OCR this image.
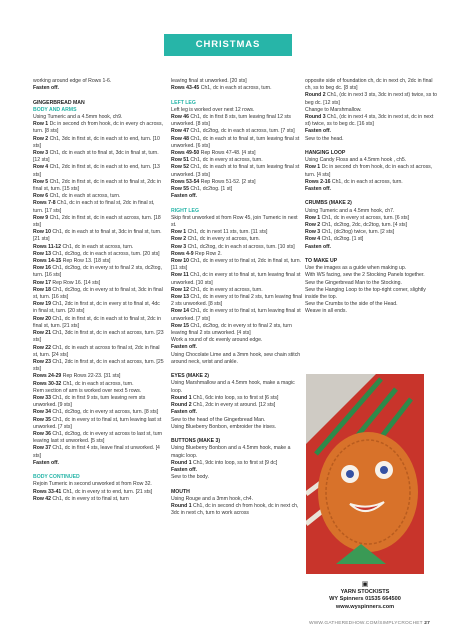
CHRISTMAS COLLECTION

working around edge of Rows 1-6.

Fasten off.

GINGERBREAD MAN

BODY AND ARMS

Using Tumeric and a 4.5mm hook, ch9.

Row 1 Dc in second ch from hook, dc in every ch across, turn. [8 sts]

Row 2 Ch1, 3dc in first st, dc in each st to end, turn. [10 sts]

Row 3 Ch1, dc in each st to final st, 3dc in final st, turn. [12 sts]

Row 4 Ch1, 2dc in first st, dc in each st to end, turn. [13 sts]

Row 5 Ch1, 2dc in first st, dc in each st to final st, 2dc in final st, turn. [15 sts]

Row 6 Ch1, dc in each st across, turn.

Rows 7-8 Ch1, dc in each st to final st, 2dc in final st, turn. [17 sts]

Row 9 Ch1, 2dc in first st, dc in each st across, turn. [18 sts]

Row 10 Ch1, dc in each st to final st, 3dc in final st, turn. [21 sts]

Rows 11-12 Ch1, dc in each st across, turn.

Row 13 Ch1, dc2tog, dc in each st across, turn. [20 sts]

Rows 14-15 Rep Row 13. [18 sts]

Row 16 Ch1, dc2tog, dc in every st to final 2 sts, dc2tog, turn. [16 sts]

Row 17 Rep Row 16. [14 sts]

Row 18 Ch1, dc2tog, dc in every st to final st, 3dc in final st, turn. [16 sts]

Row 19 Ch1, 2dc in first st, dc in every st to final st, 4dc in final st, turn. [20 sts]

Row 20 Ch1, dc in first st, dc in each st to final st, 2dc in final st, turn. [21 sts]

Row 21 Ch1, 3dc in first st, dc in each st across, turn. [23 sts]

Row 22 Ch1, dc in each st across to final st, 2dc in final st, turn. [24 sts]

Row 23 Ch1, 2dc in first st, dc in each st across, turn. [25 sts]

Rows 24-29 Rep Rows 22-23. [31 sts]

Rows 30-32 Ch1, dc in each st across, turn.

Rem section of arm is worked over next 5 rows.

Row 33 Ch1, dc in first 9 sts, turn leaving rem sts unworked. [9 sts]

Row 34 Ch1, dc2tog, dc in every st across, turn. [8 sts]

Row 35 Ch1, dc in every st to final st, turn leaving last st unworked. [7 sts]

Row 36 Ch1, dc2tog, dc in every st across to last st, turn leaving last st unworked. [5 sts]

Row 37 Ch1, dc in first 4 sts, leave final st unworked. [4 sts]

Fasten off.

BODY CONTINUED

Rejoin Tumeric in second unworked st from Row 32.

Rows 33-41 Ch1, dc in every st to end, turn. [21 sts]

Row 42 Ch1, dc in every st to final st, turn

leaving final st unworked. [20 sts]

Rows 43-45 Ch1, dc in each st across, turn.

LEFT LEG

Left leg is worked over next 12 rows.

Row 46 Ch1, dc in first 8 sts, turn leaving final 12 sts unworked. [8 sts]

Row 47 Ch1, dc2tog, dc in each st across, turn. [7 sts]

Row 48 Ch1, dc in each st to final st, turn leaving final st unworked. [6 sts]

Rows 49-50 Rep Rows 47-48. [4 sts]

Row 51 Ch1, dc in every st across, turn.

Row 52 Ch1, dc in each st to final st, turn leaving final st unworked. [3 sts]

Rows 53-54 Rep Rows 51-52. [2 sts]

Row 55 Ch1, dc2tog. [1 st]

Fasten off.

RIGHT LEG

Skip first unworked st from Row 45, join Tumeric in next st.

Row 1 Ch1, dc in next 11 sts, turn. [11 sts]

Row 2 Ch1, dc in every st across, turn.

Row 3 Ch1, dc2tog, dc in each st across, turn. [10 sts]

Rows 4-9 Rep Row 2.

Row 10 Ch1, dc in every st to final st, 2dc in final st, turn. [11 sts]

Row 11 Ch1, dc in every st to final st, turn leaving final st unworked. [10 sts]

Row 12 Ch1, dc in every st across, turn.

Row 13 Ch1, dc in every st to final 2 sts, turn leaving final 2 sts unworked. [8 sts]

Row 14 Ch1, dc in every st to final st, turn leaving final st unworked. [7 sts]

Row 15 Ch1, dc2tog, dc in every st to final 2 sts, turn leaving final 2 sts unworked. [4 sts]

Work a round of dc evenly around edge.

Fasten off.

Using Chocolate Lime and a 3mm hook, sew chain stitch around neck, wrist and ankle.

EYES (MAKE 2)

Using Marshmallow and a 4.5mm hook, make a magic loop.

Round 1 Ch1, 6dc into loop, ss to first st [6 sts]

Round 2 Ch1, 2dc in every st around. [12 sts]

Fasten off.

Sew to the head of the Gingerbread Man.

Using Blueberry Bonbon, embroider the irises.

BUTTONS (MAKE 3)

Using Blueberry Bonbon and a 4.5mm hook, make a magic loop.

Round 1 Ch1, 9dc into loop, ss to first st [9 dc]

Fasten off.

Sew to the body.

MOUTH

Using Rouge and a 3mm hook, ch4.

Round 1 Ch1, dc in second ch from hook, dc in next ch, 3dc in next ch, turn to work across

opposite side of foundation ch, dc in next ch, 2dc in final ch, ss to beg dc. [8 sts]

Round 2 Ch1, (dc in next 3 sts, 3dc in next st) twice, ss to beg dc. [12 sts]

Change to Marshmallow.

Round 3 Ch1, (dc in next 4 sts, 3dc in next st, dc in next st) twice, ss to beg dc. [16 sts]

Fasten off.

Sew to the head.

HANGING LOOP

Using Candy Floss and a 4.5mm hook , ch5.

Row 1 Dc in second ch from hook, dc in each st across, turn. [4 sts]

Rows 2-16 Ch1, dc in each st across, turn.

Fasten off.

CRUMBS (MAKE 2)

Using Tumeric and a 4.5mm hook, ch7.

Row 1 Ch1, dc in every st across, turn. [6 sts]

Row 2 Ch1, dc2tog, 2dc, dc2tog, turn. [4 sts]

Row 3 Ch1, (dc2tog) twice, turn. [2 sts]

Row 4 Ch1, dc2tog. [1 st]

Fasten off.

TO MAKE UP

Use the images as a guide when making up.

With WS facing, sew the 2 Stocking Panels together.

Sew the Gingerbread Man to the Stocking.

Sew the Hanging Loop to the top-right corner, slightly inside the top.

Sew the Crumbs to the side of the Head.

Weave in all ends.

▣
YARN STOCKISTS
WY Spinners 01535 664500
www.wyspinners.com
WWW.GATHEREDHOW.COM/SIMPLYCROCHET 27
